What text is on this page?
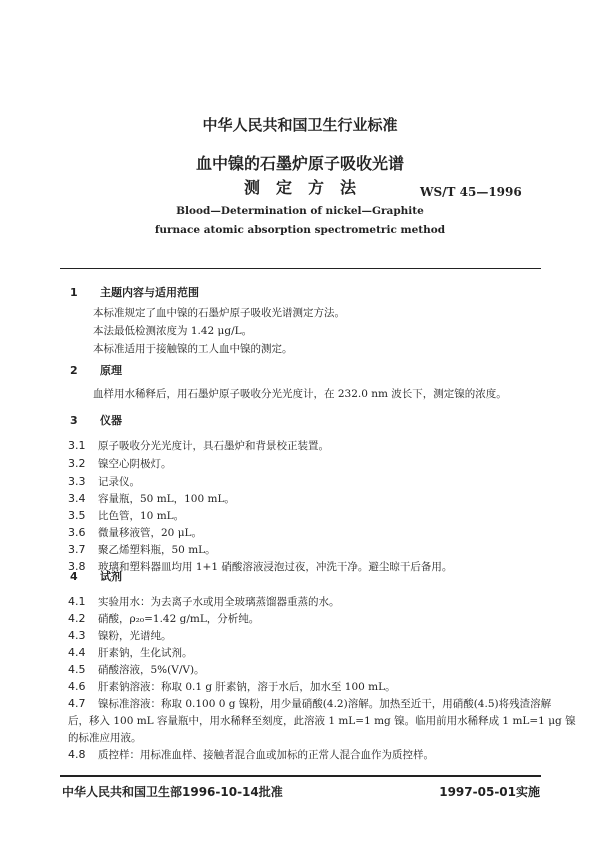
中华人民共和国卫生行业标准
血中镍的石墨炉原子吸收光谱
测　定　方　法	WS/T 45—1996
Blood—Determination of nickel—Graphite
furnace atomic absorption spectrometric method
1 主题内容与适用范围
本标准规定了血中镍的石墨炉原子吸收光谱测定方法。
本法最低检测浓度为 1.42 μg/L。
本标准适用于接触镍的工人血中镍的测定。
2 原理
血样用水稀释后，用石墨炉原子吸收分光光度计，在 232.0 nm 波长下，测定镍的浓度。
3 仪器
3.1 原子吸收分光光度计，具石墨炉和背景校正装置。
3.2 镍空心阴极灯。
3.3 记录仪。
3.4 容量瓶，50 mL，100 mL。
3.5 比色管，10 mL。
3.6 微量移液管，20 μL。
3.7 聚乙烯塑料瓶，50 mL。
3.8 玻璃和塑料器皿均用 1+1 硝酸溶液浸泡过夜，冲洗干净。避尘晾干后备用。
4 试剂
4.1 实验用水：为去离子水或用全玻璃蒸馏器重蒸的水。
4.2 硝酸，ρ₂₀=1.42 g/mL，分析纯。
4.3 镍粉，光谱纯。
4.4 肝素钠，生化试剂。
4.5 硝酸溶液，5%(V/V)。
4.6 肝素钠溶液：称取 0.1 g 肝素钠，溶于水后，加水至 100 mL。
4.7 镍标准溶液：称取 0.100 0 g 镍粉，用少量硝酸(4.2)溶解。加热至近干，用硝酸(4.5)将残渣溶解
4.8 质控样：用标准血样、接触者混合血或加标的正常人混合血作为质控样。
后，移入 100 mL 容量瓶中，用水稀释至刻度，此溶液 1 mL=1 mg 镍。临用前用水稀释成 1 mL=1 μg 镍
的标准应用液。
中华人民共和国卫生部1996-10-14批准	1997-05-01实施
